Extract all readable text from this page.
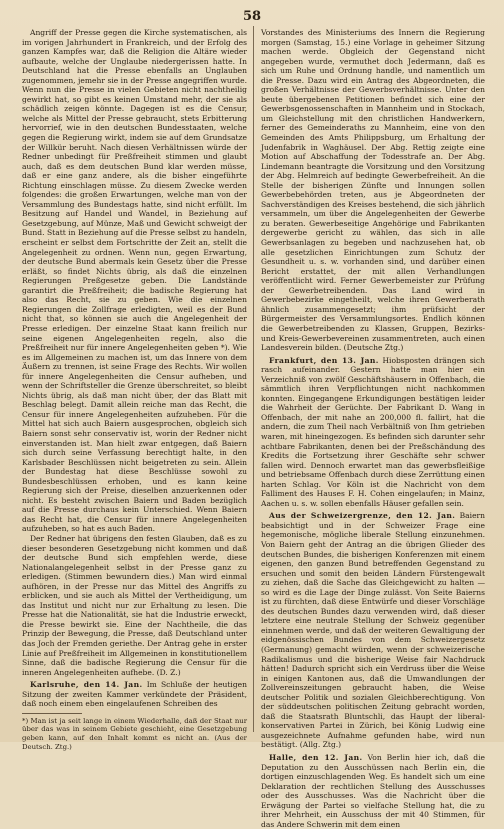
58

Angriff der Presse gegen die Kirche systematischen, als im vorigen Jahrhundert in Frankreich, und der Erfolg des ganzen Kampfes war, daß die Religion die Altäre wieder aufbaute, welche der Unglaube niedergerissen hatte. In Deutschland hat die Presse ebenfalls an Unglauben zugenommen, jemehr sie in der Presse angegriffen wurde. Wenn nun die Presse in vielen Gebieten nicht nachtheilig gewirkt hat, so gibt es keinen Umstand mehr, der sie als schädlich zeigen könnte. Dagegen ist es die Censur, welche als Mittel der Presse gebraucht, stets Erbitterung hervorrief, wie in den deutschen Bundesstaaten, welche gegen die Regierung wirkt, indem sie auf dem Grundsatze der Willkür beruht. Nach diesen Verhältnissen würde der Redner unbedingt für Preßfreiheit stimmen und glaubt auch, daß es dem deutschen Bund klar werden müsse, daß er eine ganz andere, als die bisher eingeführte Richtung einschlagen müsse. Zu diesem Zwecke werden folgendes: die großen Erwartungen, welche man von der Versammlung des Bundestags hatte, sind nicht erfüllt. Im Besitzung auf Handel und Wandel, in Beziehung auf Gesetzgebung, auf Münze, Maß und Gewicht schweigt der Bund. Statt in Beziehung auf die Presse selbst zu handeln, erscheint er selbst dem Fortschritte der Zeit an, stellt die Angelegenheit zu ordnen. Wenn nun, gegen Erwartung, der deutsche Bund abermals kein Gesetz über die Presse erläßt, so findet Nichts übrig, als daß die einzelnen Regierungen Preßgesetze geben. Die Landstände garantirt die Preßfreiheit; die badische Regierung hat also das Recht, sie zu geben. Wie die einzelnen Regierungen die Zollfrage erledigten, weil es der Bund nicht that, so können sie auch die Angelegenheit der Presse erledigen. Der einzelne Staat kann freilich nur seine eigenen Angelegenheiten regeln, also die Preßfreiheit nur für innere Angelegenheiten geben *). Wie es im Allgemeinen zu machen ist, um das Innere von dem Äußern zu trennen, ist seine Frage des Rechts. Wir wollen für innere Angelegenheiten die Censur aufheben, und wenn der Schriftsteller die Grenze überschreitet, so bleibt Nichts übrig, als daß man nicht über, der das Blatt mit Beschlag belegt. Damit allein reiche man das Recht, die Censur für innere Angelegenheiten aufzuheben. Für die Mittel hat sich auch Baiern ausgesprochen, obgleich sich Baiern sonst sehr conservativ ist, worin der Redner nicht einverstanden ist. Man hielt zwar entgegen, daß Baiern sich durch seine Verfassung berechtigt halte, in den Karlsbader Beschlüssen nicht beigetreten zu sein. Allein der Bundestag hat diese Beschlüsse sowohl zu Bundesbeschlüssen erhoben, und es kann keine Regierung sich der Preise, dieselben anzuerkennen oder nicht. Es besteht zwischen Baiern und Baden bezüglich auf die Presse durchaus kein Unterschied. Wenn Baiern das Recht hat, die Censur für innere Angelegenheiten aufzuheben, so hat es auch Baden.

Der Redner hat übrigens den festen Glauben, daß es zu dieser besonderen Gesetzgebung nicht kommen und daß der deutsche Bund sich empfehlen werde, diese Nationalangelegenheit selbst in der Presse ganz zu erledigen. (Stimmen bewundern dies.) Man wird einmal aufhören, in der Presse nur das Mittel des Angriffs zu erblicken, und sie auch als Mittel der Vertheidigung, um das Institut und nicht nur zur Erhaltung zu lesen. Die Presse hat die Nationalität, sie hat die Industrie erweckt, die Presse bewirkt sie. Eine der Nachtheile, die das Prinzip der Bewegung, die Presse, daß Deutschland unter das Joch der Fremden geriethe. Der Antrag gehe in erster Linie auf Preßfreiheit im Allgemeinen in konstitutionellem Sinne, daß die badische Regierung die Censur für die inneren Angelegenheiten aufhebe. (D. Z.)

Karlsruhe, den 14. Jan. Im Schluße der heutigen Sitzung der zweiten Kammer verkündete der Präsident, daß noch einem eben eingelaufenen Schreiben des

*) Man ist ja seit lange in einem Wiederhalle, daß der Staat nur über das was in seinem Gebiete geschieht, eine Gesetzgebung geben kann, auf den Inhalt kommt es nicht an. (Aus der Deutsch. Ztg.)

Vorstandes des Ministeriums des Innern die Regierung morgen (Samstag, 15.) eine Vorlage in geheimer Sitzung machen werde. Obgleich der Gegenstand nicht angegeben wurde, vermuthet doch Jedermann, daß es sich um Ruhe und Ordnung handle, und namentlich um die Presse. Dazu wird ein Antrag des Abgeordneten, die großen Verhältnisse der Gewerbsverhältnisse. Unter den beute übergebenen Petitionen befindet sich eine der Gewerbsgenossenschaften in Mannheim und in Stockach, um Gleichstellung mit den christlichen Handwerkern, ferner des Gemeinderaths zu Mannheim, eine von den Gemeinden des Amts Philippsburg, um Erhaltung der Judenfabrik in Waghäusel. Der Abg. Rettig zeigte eine Motion auf Abschaffung der Todesstrafe an. Der Abg. Lindemann beantragte die Vorsitzung und den Vorsitzung der Abg. Helmreich auf bedingte Gewerbefreiheit. An die Stelle der bisherigen Zünfte und Innungen sollen Gewerbebehörden treten, aus je Abgeordneten der Sachverständigen des Kreises bestehend, die sich jährlich versammeln, um über die Angelegenheiten der Gewerbe zu beraten. Gewerbeseitige Angehörige und Fabrikanten dergewerbe gericht zu wählen, das sich in alle Gewerbsanlagen zu begeben und nachzusehen hat, ob alle gesetzlichen Einrichtungen zum Schutz der Gesundheit u. s. w. vorhanden sind, und darüber einen Bericht erstattet, der mit allen Verhandlungen veröffentlicht wird. Ferner Gewerbemeister zur Prüfung der Gewerbetreibenden. Das Land wird in Gewerbebezirke eingetheilt, welche ihren Gewerberath ähnlich zusammengesetzt; ihm prüfsicht der Bürgermeister des Versammlungsortes. Endlich können die Gewerbetreibenden zu Klassen, Gruppen, Bezirks- und Kreis-Gewerbevereinen zusammentreten, auch einen Landesverein bilden. (Deutsche Ztg.)

Frankfurt, den 13. Jan. Hiobsposten drängen sich rasch aufeinander. Gestern hatte man hier ein Verzeichniß von zwölf Geschäftshäusern in Offenbach, die sämmtlich ihren Verpflichtungen nicht nachkommen konnten. Eingegangene Erkundigungen bestätigen leider die Wahrheit der Gerüchte. Der Fabrikant D. Wang in Offenbach, der mit nahe an 200,000 fl. fallirt, hat die andern, die zum Theil nach Verbältniß von Ihm getrieben waren, mit hineingezogen. Es befinden sich darunter sehr achtbare Fabrikanten, denen bei der Preßschändung des Kredits die Fortsetzung ihrer Geschäfte sehr schwer fallen wird. Dennoch erwartet man das gewerbsfleißige und betriebsame Offenbach durch diese Zerrüttung einen harten Schlag. Vor Köln ist die Nachricht von dem Falliment des Hauses F. H. Cohen eingelaufen; in Mainz, Aachen u. s. w. sollen ebenfalls Häuser gefallen sein.

Aus der Schweizergrenze, den 12. Jan. Baiern beabsichtigt und in der Schweizer Frage eine hegemonische, mögliche liberale Stellung einzunehmen. Von Baiern geht der Antrag an die übrigen Glieder des deutschen Bundes, die bisherigen Konferenzen mit einem eigenen, den ganzen Bund betreffenden Gegenstand zu ersuchen und somit den beiden Ländern Fürstengewalt zu ziehen, daß die Sache das Gleichgewicht zu halten — so wird es die Lage der Dinge zulässt. Von Seite Baierns ist zu fürchten, daß diese Entwürfe und dieser Vorschläge des deutschen Bundes dazu verwenden wird, daß dieser letztere eine neutrale Stellung der Schweiz gegenüber einnehmen werde, und daß der weiteren Gewaltigung der eidgenössischen Bundes von dem Schweizergesetz (Germanung) gemacht würden, wenn der schweizerische Radikalismus und die bisherige Weise fair Nachdruck hätten! Dadurch spricht sich ein Verdruss über die Weise in einigen Kantonen aus, daß die Umwandlungen der Zollvereinszeitungen gebraucht haben, die Weise deutscher Politik und sozialen Gleichberechtigung. Von der süddeutschen politischen Zeitung gebracht worden, daß die Staatsrath Bluntschli, das Haupt der liberal-konservativen Partei in Zürich, bei König Ludwig eine ausgezeichnete Aufnahme gefunden habe, wird nun bestätigt. (Allg. Ztg.)

Halle, den 12. Jan. Von Berlin hier ich, daß die Deputation zu den Ausschüssen nach Berlin ein, die dortigen einzuschlagenden Weg. Es handelt sich um eine Deklaration der rechtlichen Stellung des Ausschusses oder des Ausschusses. Was die Nachricht über die Erwägung der Partei so vielfache Stellung hat, die zu ihrer Mehrheit, ein Ausschuss der mit 40 Stimmen, für das Andere Schwerin mit dem einen
